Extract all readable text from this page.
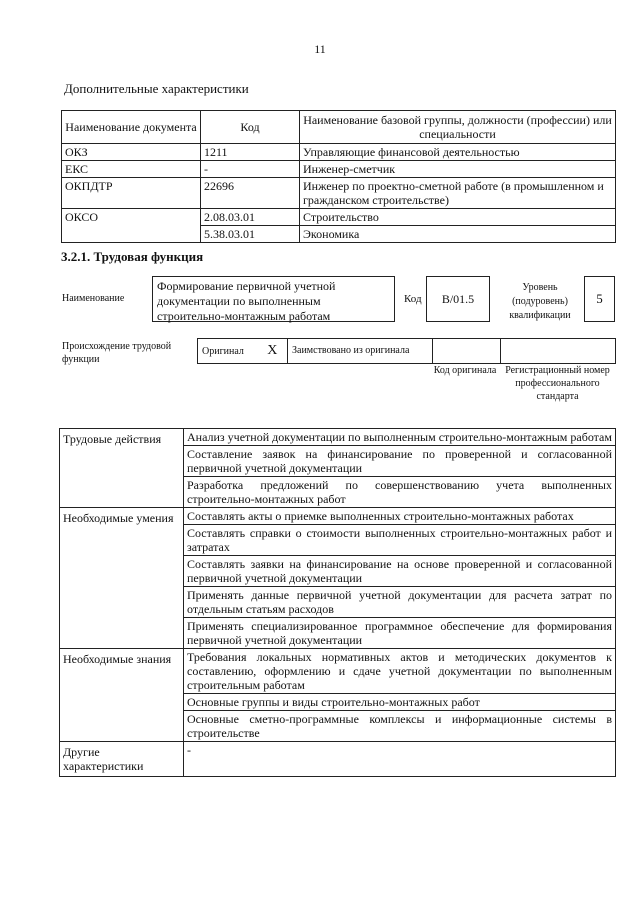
11
Дополнительные характеристики
Наименование документа	Код	Наименование базовой группы, должности (профессии) или специальности
ОКЗ	1211	Управляющие финансовой деятельностью
ЕКС	-	Инженер-сметчик
ОКПДТР	22696	Инженер по проектно-сметной работе (в промышленном и гражданском строительстве)
ОКСО	2.08.03.01	Строительство
	5.38.03.01	Экономика
3.2.1. Трудовая функция
Наименование
Формирование первичной учетной документации по выполненным строительно-монтажным работам
Код	B/01.5
Уровень (подуровень) квалификации
5
Происхождение трудовой функции
Оригинал	X	Заимствовано из оригинала		
Код оригинала Регистрационный номер профессионального стандарта
Трудовые действия	Анализ учетной документации по выполненным строительно-монтажным работам
	Составление заявок на финансирование по проверенной и согласованной первичной учетной документации
	Разработка предложений по совершенствованию учета выполненных строительно-монтажных работ
Необходимые умения	Составлять акты о приемке выполненных строительно-монтажных работах
	Составлять справки о стоимости выполненных строительно-монтажных работ и затратах
	Составлять заявки на финансирование на основе проверенной и согласованной первичной учетной документации
	Применять данные первичной учетной документации для расчета затрат по отдельным статьям расходов
	Применять специализированное программное обеспечение для формирования первичной учетной документации
Необходимые знания	Требования локальных нормативных актов и методических документов к составлению, оформлению и сдаче учетной документации по выполненным строительным работам
	Основные группы и виды строительно-монтажных работ
	Основные сметно-программные комплексы и информационные системы в строительстве
Другие характеристики	-
